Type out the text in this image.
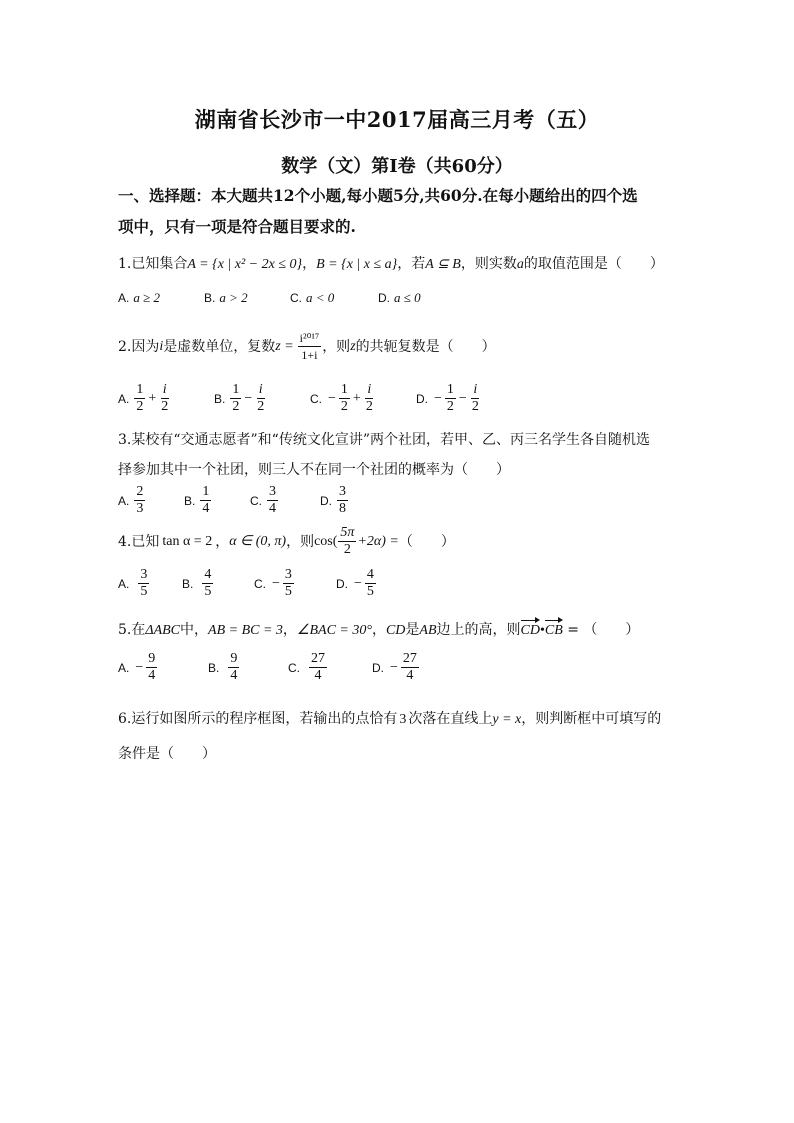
湖南省长沙市一中2017届高三月考（五）
数学（文）第I卷（共60分）
一、选择题：本大题共12个小题,每小题5分,共60分.在每小题给出的四个选
项中，只有一项是符合题目要求的.
1.已知集合A = {x | x² − 2x ≤ 0}，B = {x | x ≤ a}，若A ⊆ B，则实数a的取值范围是（　　）
A. a ≥ 2	B. a > 2	C. a < 0	D. a ≤ 0
2.因为 i 是虚数单位，复数 $z = \frac{\text{i²⁰¹⁷}}{1+i}$ ，则 z 的共轭复数是（　　）
A. $\frac{1}{2} + \frac{i}{2}$	B. $\frac{1}{2} - \frac{i}{2}$	C. − $\frac{1}{2} + \frac{i}{2}$	D. − $\frac{1}{2} - \frac{i}{2}$
3.某校有“交通志愿者”和“传统文化宣讲”两个社团，若甲、乙、丙三名学生各自随机选
择参加其中一个社团，则三人不在同一个社团的概率为（　　）
A. $\frac{2}{3}$	B. $\frac{1}{4}$	C. $\frac{3}{4}$	D. $\frac{3}{8}$
4.已知 tan α = 2 ， α ∈ (0, π) ，则 $\cos( \frac{5\pi}{2} +2\alpha)$ = （　　）
A. $\frac{3}{5}$	B. $\frac{4}{5}$	C. − $\frac{3}{5}$	D. − $\frac{4}{5}$
5.在ΔABC中，AB = BC = 3，∠BAC = 30°，CD是AB边上的高，则CD•CB = （　　）
A. − $\frac{9}{4}$	B. $\frac{9}{4}$	C. $\frac{27}{4}$	D. − $\frac{27}{4}$
6.运行如图所示的程序框图，若输出的点恰有 3 次落在直线上y = x，则判断框中可填写的
条件是（　　）
